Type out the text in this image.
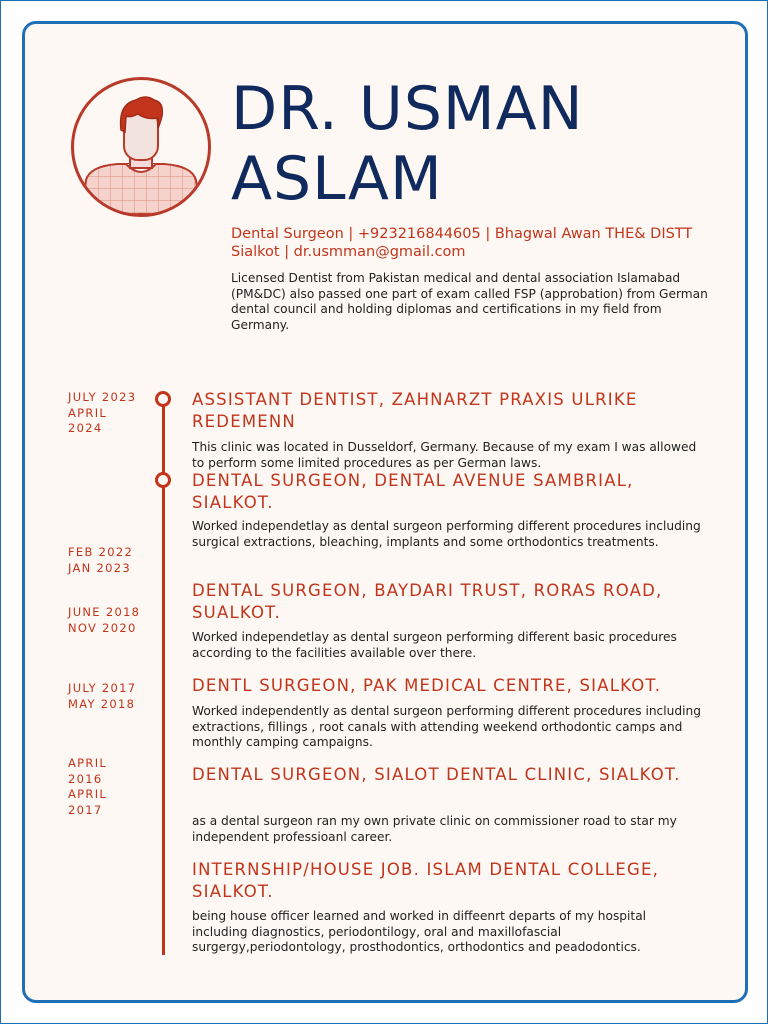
DR. USMAN ASLAM
Dental Surgeon | +923216844605 | Bhagwal Awan THE& DISTT Sialkot | dr.usmman@gmail.com
Licensed Dentist from Pakistan medical and dental association Islamabad (PM&DC) also passed one part of exam called FSP (approbation) from German dental council and holding diplomas and certifications in my field from Germany.
JULY 2023
APRIL
2024
ASSISTANT DENTIST, ZAHNARZT PRAXIS ULRIKE REDEMENN
This clinic was located in Dusseldorf, Germany. Because of my exam I was allowed to perform some limited procedures as per German laws.
FEB 2022
JAN 2023
DENTAL SURGEON, DENTAL AVENUE SAMBRIAL, SIALKOT.
Worked independetlay as dental surgeon performing different procedures including surgical extractions, bleaching, implants and some orthodontics treatments.
JUNE 2018
NOV 2020
DENTAL SURGEON, BAYDARI TRUST, RORAS ROAD, SUALKOT.
Worked independetlay as dental surgeon performing different basic procedures according to the facilities available over there.
JULY 2017
MAY 2018
DENTL SURGEON, PAK MEDICAL CENTRE, SIALKOT.
Worked independently as dental surgeon performing different procedures including extractions, fillings , root canals with attending weekend orthodontic camps and monthly camping campaigns.
APRIL
2016
APRIL
2017
DENTAL SURGEON, SIALOT DENTAL CLINIC, SIALKOT.
as a dental surgeon ran my own private clinic on commissioner road to star my independent professioanl career.
INTERNSHIP/HOUSE JOB. ISLAM DENTAL COLLEGE, SIALKOT.
being house officer learned and worked in diffeenrt departs of my hospital including diagnostics, periodontilogy, oral and maxillofascial surgergy,periodontology, prosthodontics, orthodontics and peadodontics.
